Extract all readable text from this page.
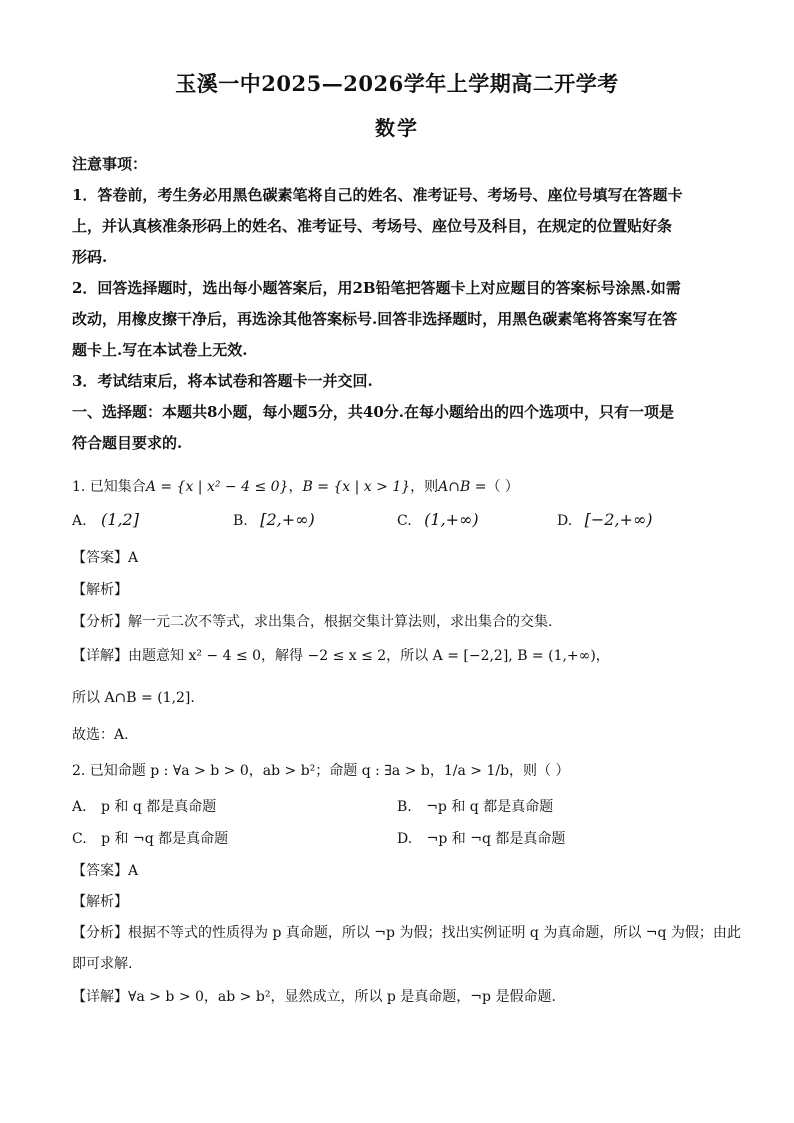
玉溪一中2025—2026学年上学期高二开学考
数学
注意事项：
1．答卷前，考生务必用黑色碳素笔将自己的姓名、准考证号、考场号、座位号填写在答题卡
上，并认真核准条形码上的姓名、准考证号、考场号、座位号及科目，在规定的位置贴好条
形码.
2．回答选择题时，选出每小题答案后，用2B铅笔把答题卡上对应题目的答案标号涂黑.如需
改动，用橡皮擦干净后，再选涂其他答案标号.回答非选择题时，用黑色碳素笔将答案写在答
题卡上.写在本试卷上无效.
3．考试结束后，将本试卷和答题卡一并交回.
一、选择题：本题共8小题，每小题5分，共40分.在每小题给出的四个选项中，只有一项是
符合题目要求的.
1. 已知集合A = {x | x² − 4 ≤ 0}，B = {x | x > 1}，则A∩B =（ ）
A. (1,2]	B. [2,+∞)	C. (1,+∞)	D. [−2,+∞)
【答案】A
【解析】
【分析】解一元二次不等式，求出集合，根据交集计算法则，求出集合的交集.
【详解】由题意知 x² − 4 ≤ 0，解得 −2 ≤ x ≤ 2，所以 A = [−2,2], B = (1,+∞)，
所以 A∩B = (1,2].
故选：A.
2. 已知命题 p : ∀a > b > 0，ab > b²；命题 q : ∃a > b，1/a > 1/b，则（ ）
A. p 和 q 都是真命题	B. ¬p 和 q 都是真命题
C. p 和 ¬q 都是真命题	D. ¬p 和 ¬q 都是真命题
【答案】A
【解析】
【分析】根据不等式的性质得为 p 真命题，所以 ¬p 为假；找出实例证明 q 为真命题，所以 ¬q 为假；由此
即可求解.
【详解】∀a > b > 0，ab > b²，显然成立，所以 p 是真命题，¬p 是假命题.
